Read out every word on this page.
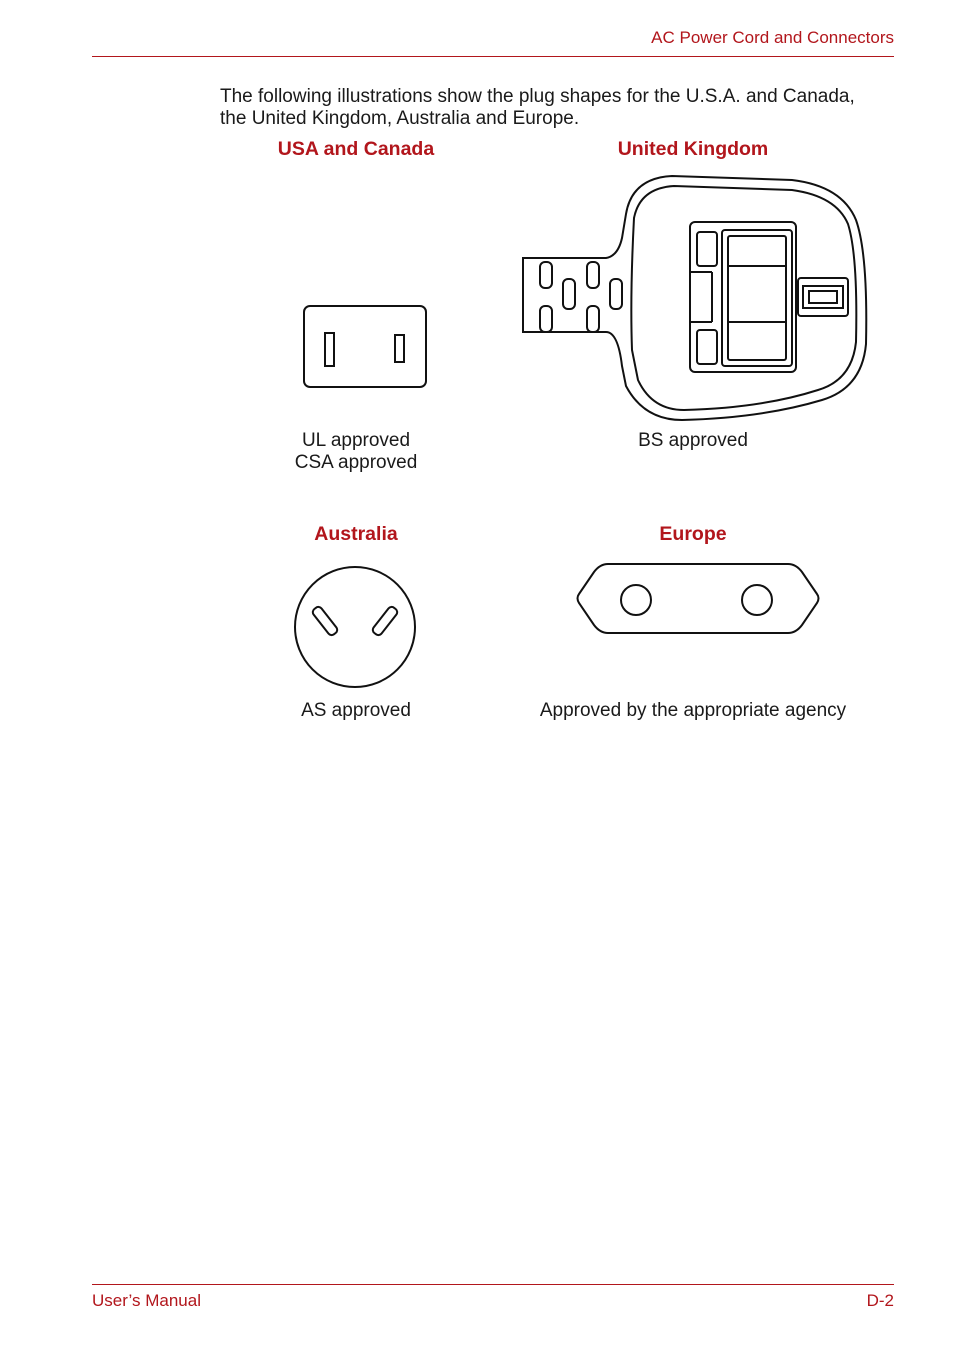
AC Power Cord and Connectors
The following illustrations show the plug shapes for the U.S.A. and Canada,
the United Kingdom, Australia and Europe.
USA and Canada	United Kingdom
Australia	Europe
UL approved
CSA approved
BS approved
AS approved	Approved by the appropriate agency
User’s Manual	D-2
